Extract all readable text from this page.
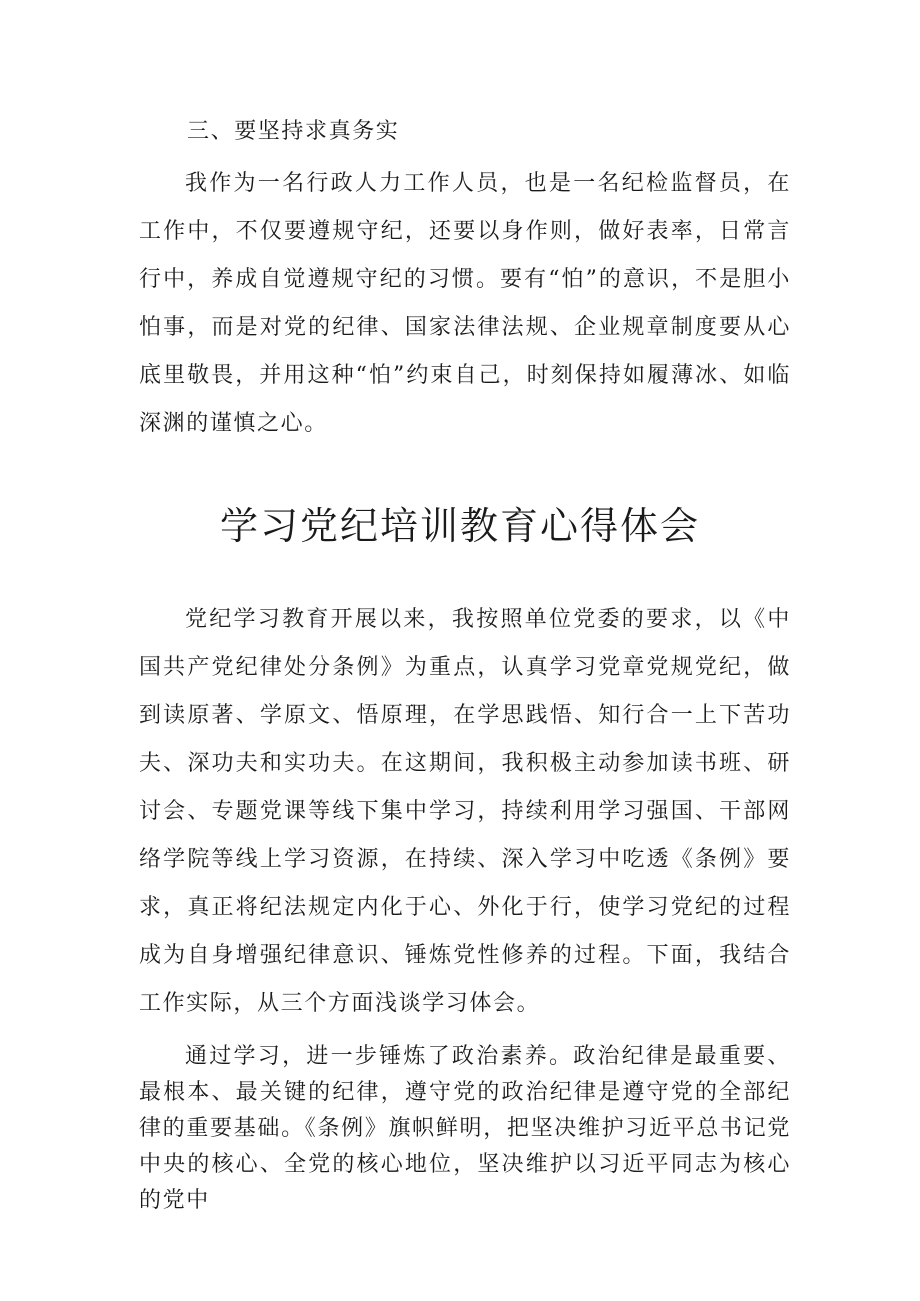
三、要坚持求真务实

我作为一名行政人力工作人员，也是一名纪检监督员，在工作中，不仅要遵规守纪，还要以身作则，做好表率，日常言行中，养成自觉遵规守纪的习惯。要有“怕”的意识，不是胆小怕事，而是对党的纪律、国家法律法规、企业规章制度要从心底里敬畏，并用这种“怕”约束自己，时刻保持如履薄冰、如临深渊的谨慎之心。

学习党纪培训教育心得体会

党纪学习教育开展以来，我按照单位党委的要求，以《中国共产党纪律处分条例》为重点，认真学习党章党规党纪，做到读原著、学原文、悟原理，在学思践悟、知行合一上下苦功夫、深功夫和实功夫。在这期间，我积极主动参加读书班、研讨会、专题党课等线下集中学习，持续利用学习强国、干部网络学院等线上学习资源，在持续、深入学习中吃透《条例》要求，真正将纪法规定内化于心、外化于行，使学习党纪的过程成为自身增强纪律意识、锤炼党性修养的过程。下面，我结合工作实际，从三个方面浅谈学习体会。

通过学习，进一步锤炼了政治素养。政治纪律是最重要、最根本、最关键的纪律，遵守党的政治纪律是遵守党的全部纪律的重要基础。《条例》旗帜鲜明，把坚决维护习近平总书记党中央的核心、全党的核心地位，坚决维护以习近平同志为核心的党中
